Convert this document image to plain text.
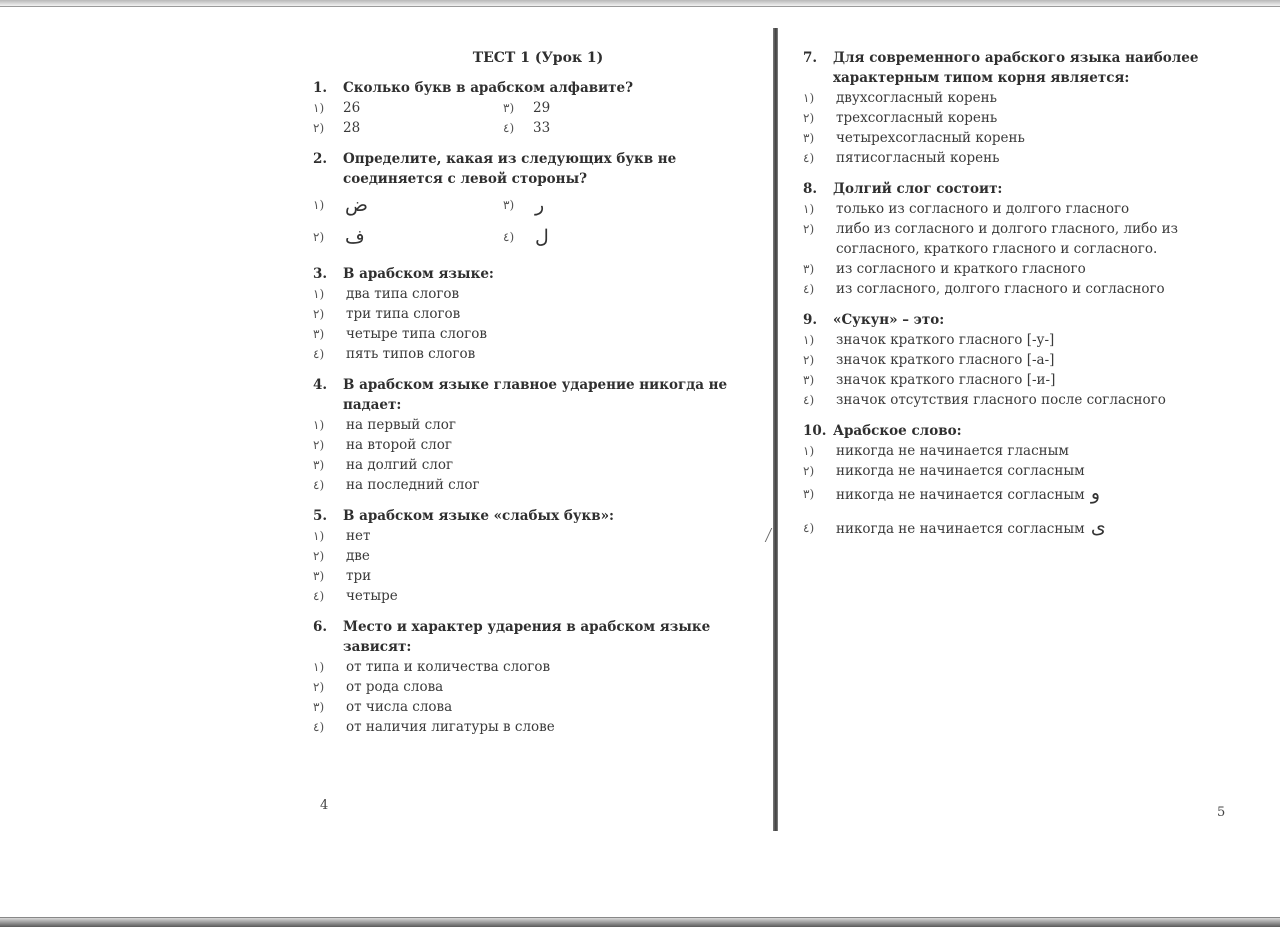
ТЕСТ 1 (Урок 1)
1.	Сколько букв в арабском алфавите?
١)	26	٣)	29
٢)	28	٤)	33
2.	Определите, какая из следующих букв не соединяется с левой стороны?
١)	ض	٣)	ر
٢)	ف	٤)	ل
3.	В арабском языке:
١)	два типа слогов
٢)	три типа слогов
٣)	четыре типа слогов
٤)	пять типов слогов
4.	В арабском языке главное ударение никогда не падает:
١)	на первый слог
٢)	на второй слог
٣)	на долгий слог
٤)	на последний слог
5.	В арабском языке «слабых букв»:
١)	нет
٢)	две
٣)	три
٤)	четыре
6.	Место и характер ударения в арабском языке зависят:
١)	от типа и количества слогов
٢)	от рода слова
٣)	от числа слова
٤)	от наличия лигатуры в слове
4
7.	Для современного арабского языка наиболее характерным типом корня является:
١)	двухсогласный корень
٢)	трехсогласный корень
٣)	четырехсогласный корень
٤)	пятисогласный корень
8.	Долгий слог состоит:
١)	только из согласного и долгого гласного
٢)	либо из согласного и долгого гласного, либо из согласного, краткого гласного и согласного.
٣)	из согласного и краткого гласного
٤)	из согласного, долгого гласного и согласного
9.	«Сукун» – это:
١)	значок краткого гласного [-у-]
٢)	значок краткого гласного [-а-]
٣)	значок краткого гласного [-и-]
٤)	значок отсутствия гласного после согласного
10. Арабское слово:
١)	никогда не начинается гласным
٢)	никогда не начинается согласным
٣)	никогда не начинается согласным و
٤)	никогда не начинается согласным ی
5
